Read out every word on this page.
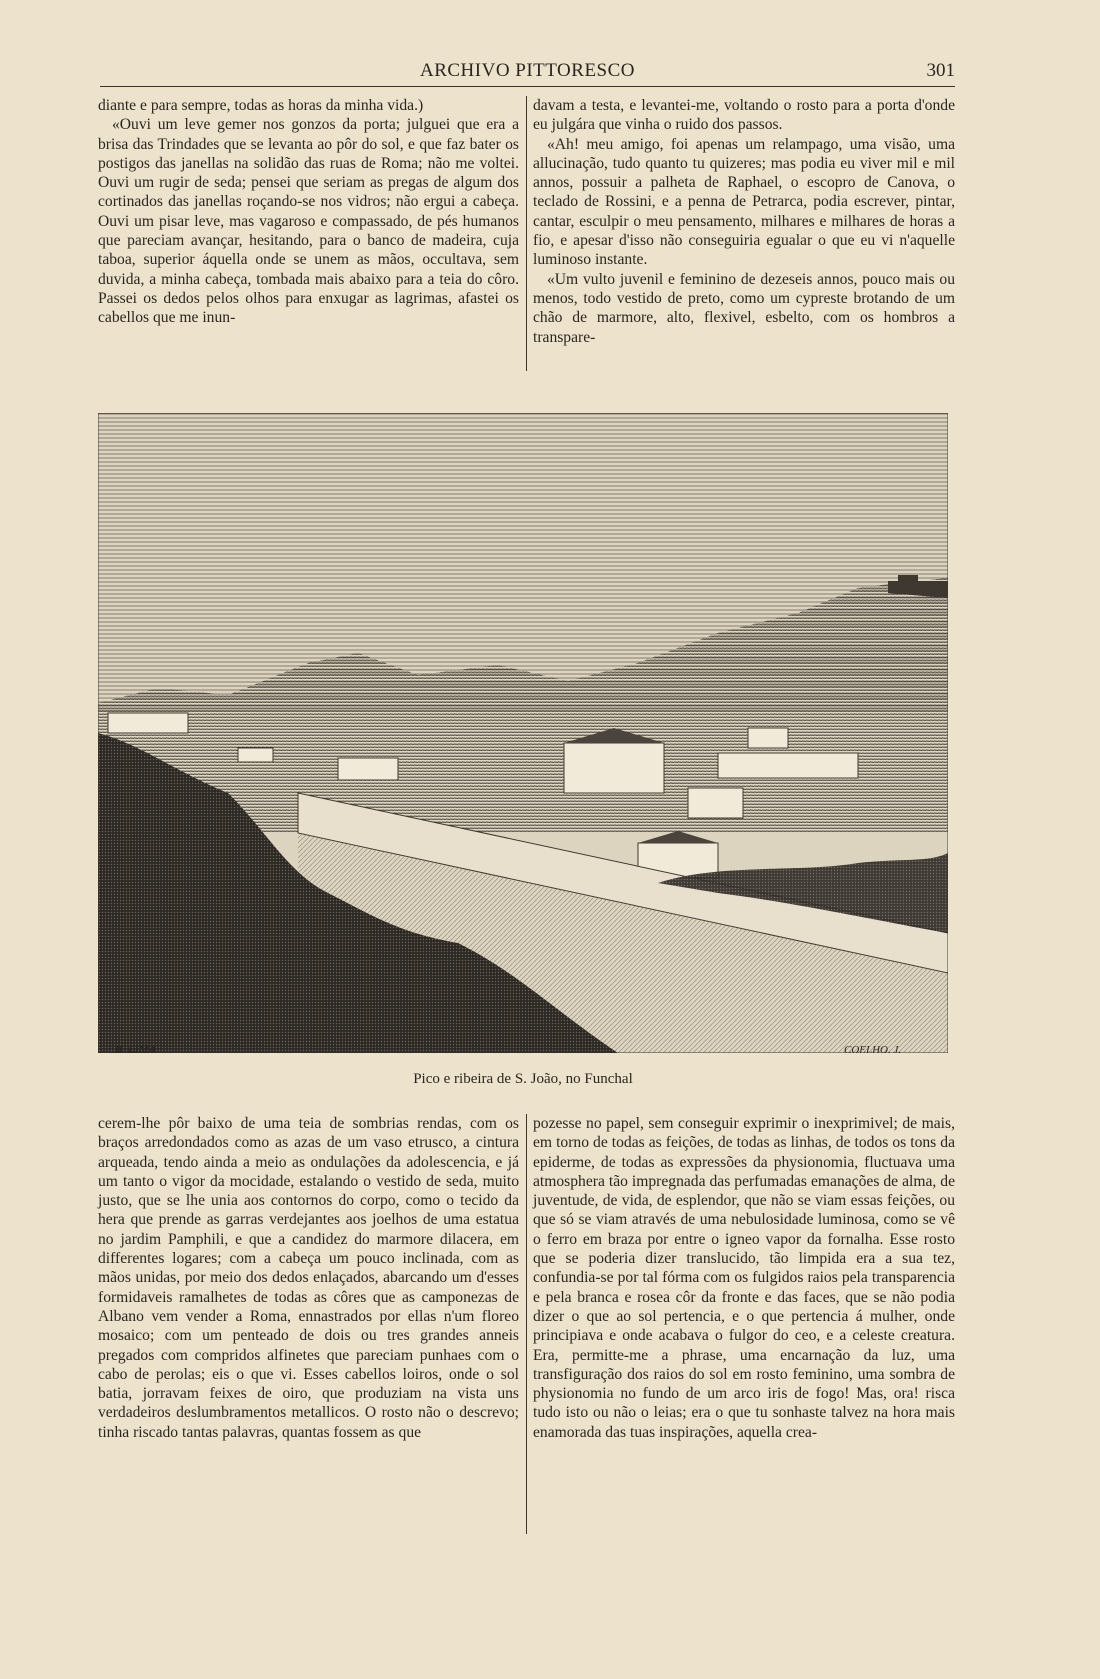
ARCHIVO PITTORESCO	301

diante e para sempre, todas as horas da minha vida.)

«Ouvi um leve gemer nos gonzos da porta; julguei que era a brisa das Trindades que se levanta ao pôr do sol, e que faz bater os postigos das janellas na solidão das ruas de Roma; não me voltei. Ouvi um rugir de seda; pensei que seriam as pregas de algum dos cortinados das janellas roçando-se nos vidros; não ergui a cabeça. Ouvi um pisar leve, mas vagaroso e compassado, de pés humanos que pareciam avançar, hesitando, para o banco de madeira, cuja taboa, superior áquella onde se unem as mãos, occultava, sem duvida, a minha cabeça, tombada mais abaixo para a teia do côro. Passei os dedos pelos olhos para enxugar as lagrimas, afastei os cabellos que me inun-

davam a testa, e levantei-me, voltando o rosto para a porta d'onde eu julgára que vinha o ruido dos passos.

«Ah! meu amigo, foi apenas um relampago, uma visão, uma allucinação, tudo quanto tu quizeres; mas podia eu viver mil e mil annos, possuir a palheta de Raphael, o escopro de Canova, o teclado de Rossini, e a penna de Petrarca, podia escrever, pintar, cantar, esculpir o meu pensamento, milhares e milhares de horas a fio, e apesar d'isso não conseguiria egualar o que eu vi n'aquelle luminoso instante.

«Um vulto juvenil e feminino de dezeseis annos, pouco mais ou menos, todo vestido de preto, como um cypreste brotando de um chão de marmore, alto, flexivel, esbelto, com os hombros a transpare-

B. LIMA	COELHO. J.
Pico e ribeira de S. João, no Funchal

cerem-lhe pôr baixo de uma teia de sombrias rendas, com os braços arredondados como as azas de um vaso etrusco, a cintura arqueada, tendo ainda a meio as ondulações da adolescencia, e já um tanto o vigor da mocidade, estalando o vestido de seda, muito justo, que se lhe unia aos contornos do corpo, como o tecido da hera que prende as garras verdejantes aos joelhos de uma estatua no jardim Pamphili, e que a candidez do marmore dilacera, em differentes logares; com a cabeça um pouco inclinada, com as mãos unidas, por meio dos dedos enlaçados, abarcando um d'esses formidaveis ramalhetes de todas as côres que as camponezas de Albano vem vender a Roma, ennastrados por ellas n'um floreo mosaico; com um penteado de dois ou tres grandes anneis pregados com compridos alfinetes que pareciam punhaes com o cabo de perolas; eis o que vi. Esses cabellos loiros, onde o sol batia, jorravam feixes de oiro, que produziam na vista uns verdadeiros deslumbramentos metallicos. O rosto não o descrevo; tinha riscado tantas palavras, quantas fossem as que

pozesse no papel, sem conseguir exprimir o inexprimivel; de mais, em torno de todas as feições, de todas as linhas, de todos os tons da epiderme, de todas as expressões da physionomia, fluctuava uma atmosphera tão impregnada das perfumadas emanações de alma, de juventude, de vida, de esplendor, que não se viam essas feições, ou que só se viam através de uma nebulosidade luminosa, como se vê o ferro em braza por entre o igneo vapor da fornalha. Esse rosto que se poderia dizer translucido, tão limpida era a sua tez, confundia-se por tal fórma com os fulgidos raios pela transparencia e pela branca e rosea côr da fronte e das faces, que se não podia dizer o que ao sol pertencia, e o que pertencia á mulher, onde principiava e onde acabava o fulgor do ceo, e a celeste creatura. Era, permitte-me a phrase, uma encarnação da luz, uma transfiguração dos raios do sol em rosto feminino, uma sombra de physionomia no fundo de um arco iris de fogo! Mas, ora! risca tudo isto ou não o leias; era o que tu sonhaste talvez na hora mais enamorada das tuas inspirações, aquella crea-
